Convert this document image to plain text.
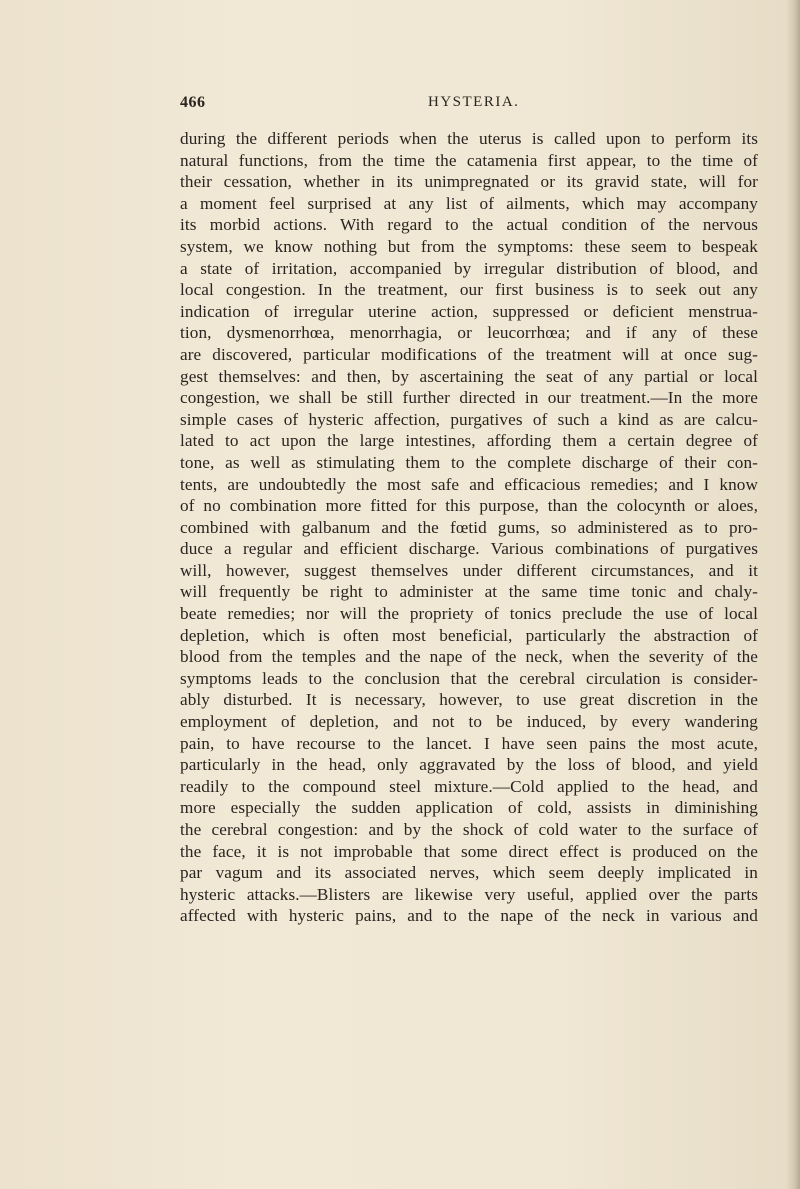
466	HYSTERIA.
during the different periods when the uterus is called upon to perform its
natural functions, from the time the catamenia first appear, to the time of
their cessation, whether in its unimpregnated or its gravid state, will for
a moment feel surprised at any list of ailments, which may accompany
its morbid actions. With regard to the actual condition of the nervous
system, we know nothing but from the symptoms: these seem to bespeak
a state of irritation, accompanied by irregular distribution of blood, and
local congestion. In the treatment, our first business is to seek out any
indication of irregular uterine action, suppressed or deficient menstrua-
tion, dysmenorrhœa, menorrhagia, or leucorrhœa; and if any of these
are discovered, particular modifications of the treatment will at once sug-
gest themselves: and then, by ascertaining the seat of any partial or local
congestion, we shall be still further directed in our treatment.—In the more
simple cases of hysteric affection, purgatives of such a kind as are calcu-
lated to act upon the large intestines, affording them a certain degree of
tone, as well as stimulating them to the complete discharge of their con-
tents, are undoubtedly the most safe and efficacious remedies; and I know
of no combination more fitted for this purpose, than the colocynth or aloes,
combined with galbanum and the fœtid gums, so administered as to pro-
duce a regular and efficient discharge. Various combinations of purgatives
will, however, suggest themselves under different circumstances, and it
will frequently be right to administer at the same time tonic and chaly-
beate remedies; nor will the propriety of tonics preclude the use of local
depletion, which is often most beneficial, particularly the abstraction of
blood from the temples and the nape of the neck, when the severity of the
symptoms leads to the conclusion that the cerebral circulation is consider-
ably disturbed. It is necessary, however, to use great discretion in the
employment of depletion, and not to be induced, by every wandering
pain, to have recourse to the lancet. I have seen pains the most acute,
particularly in the head, only aggravated by the loss of blood, and yield
readily to the compound steel mixture.—Cold applied to the head, and
more especially the sudden application of cold, assists in diminishing
the cerebral congestion: and by the shock of cold water to the surface of
the face, it is not improbable that some direct effect is produced on the
par vagum and its associated nerves, which seem deeply implicated in
hysteric attacks.—Blisters are likewise very useful, applied over the parts
affected with hysteric pains, and to the nape of the neck in various and
